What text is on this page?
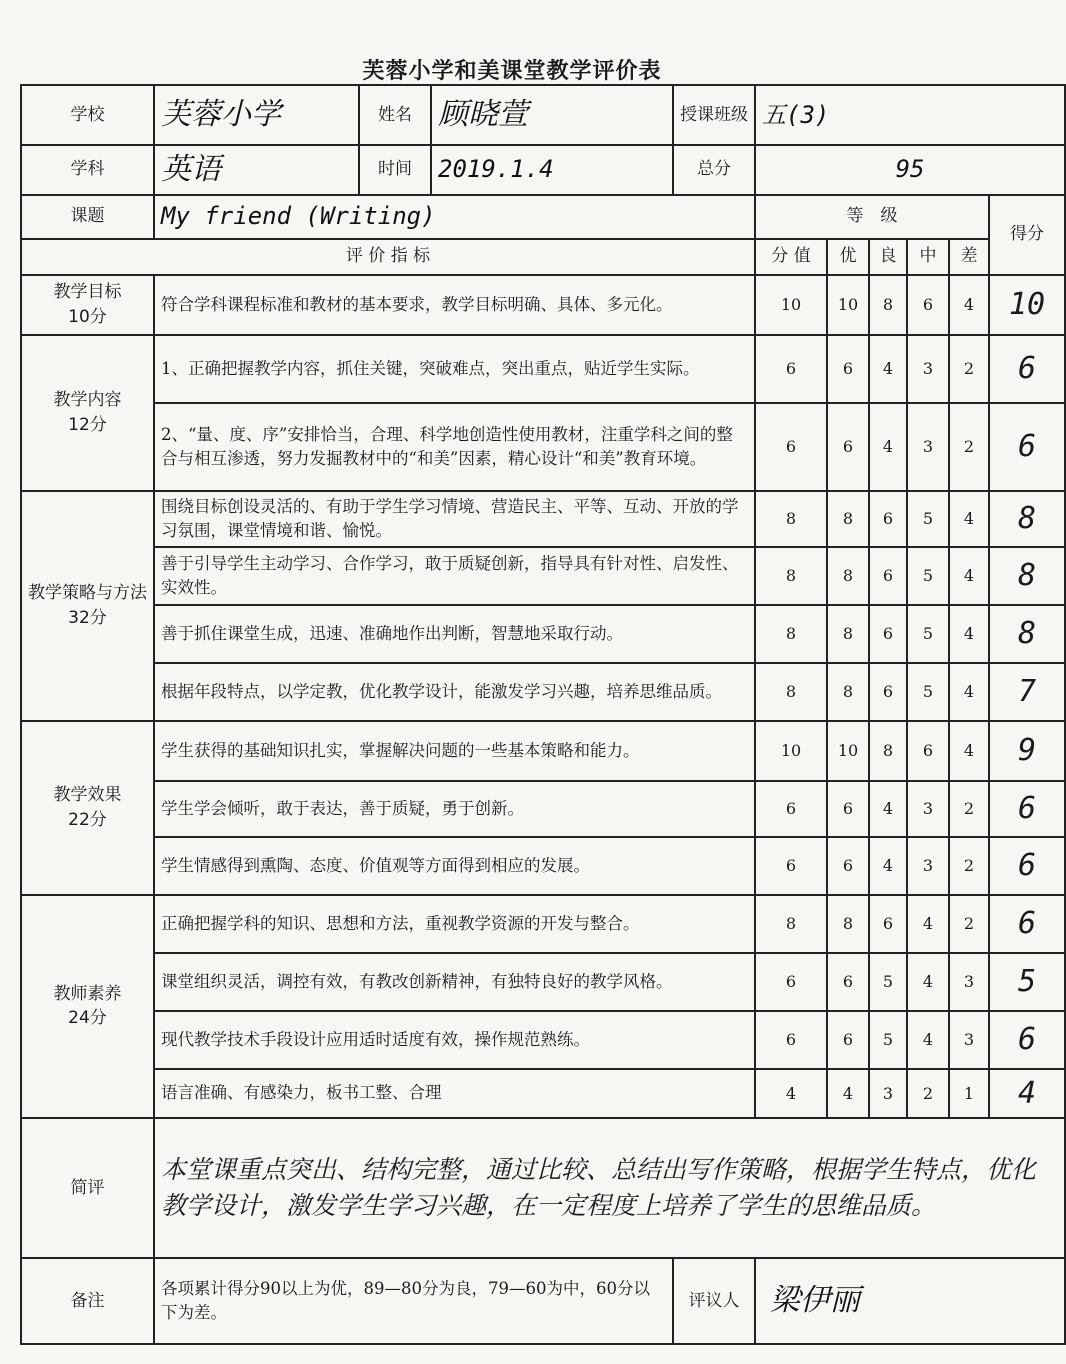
芙蓉小学和美课堂教学评价表
学校	芙蓉小学	姓名	顾晓萱	授课班级	五(3)					
学科	英语	时间	2019.1.4	总分	95					
课题	My friend (Writing)				等　级					得分
评 价 指 标					分 值	优	良	中	差	

教学目标
10分	符合学科课程标准和教材的基本要求，教学目标明确、具体、多元化。				10	10	8	6	4	10

教学内容
12分	1、正确把握教学内容，抓住关键，突破难点，突出重点，贴近学生实际。				6	6	4	3	2	6
	2、“量、度、序”安排恰当，合理、科学地创造性使用教材，注重学科之间的整合与相互渗透，努力发掘教材中的“和美”因素，精心设计“和美”教育环境。				6	6	4	3	2	6

教学策略与方法
32分	围绕目标创设灵活的、有助于学生学习情境、营造民主、平等、互动、开放的学习氛围，课堂情境和谐、愉悦。				8	8	6	5	4	8
	善于引导学生主动学习、合作学习，敢于质疑创新，指导具有针对性、启发性、实效性。				8	8	6	5	4	8
	善于抓住课堂生成，迅速、准确地作出判断，智慧地采取行动。				8	8	6	5	4	8
	根据年段特点，以学定教，优化教学设计，能激发学习兴趣，培养思维品质。				8	8	6	5	4	7

教学效果
22分	学生获得的基础知识扎实，掌握解决问题的一些基本策略和能力。				10	10	8	6	4	9
	学生学会倾听，敢于表达，善于质疑，勇于创新。				6	6	4	3	2	6
	学生情感得到熏陶、态度、价值观等方面得到相应的发展。				6	6	4	3	2	6

教师素养
24分	正确把握学科的知识、思想和方法，重视教学资源的开发与整合。				8	8	6	4	2	6
	课堂组织灵活，调控有效，有教改创新精神，有独特良好的教学风格。				6	6	5	4	3	5
	现代教学技术手段设计应用适时适度有效，操作规范熟练。				6	6	5	4	3	6
	语言准确、有感染力，板书工整、合理				4	4	3	2	1	4
简评	本堂课重点突出、结构完整，通过比较、总结出写作策略，根据学生特点，优化教学设计，激发学生学习兴趣，在一定程度上培养了学生的思维品质。									
备注	各项累计得分90以上为优，89—80分为良，79—60为中，60分以下为差。			评议人	梁伊丽					
